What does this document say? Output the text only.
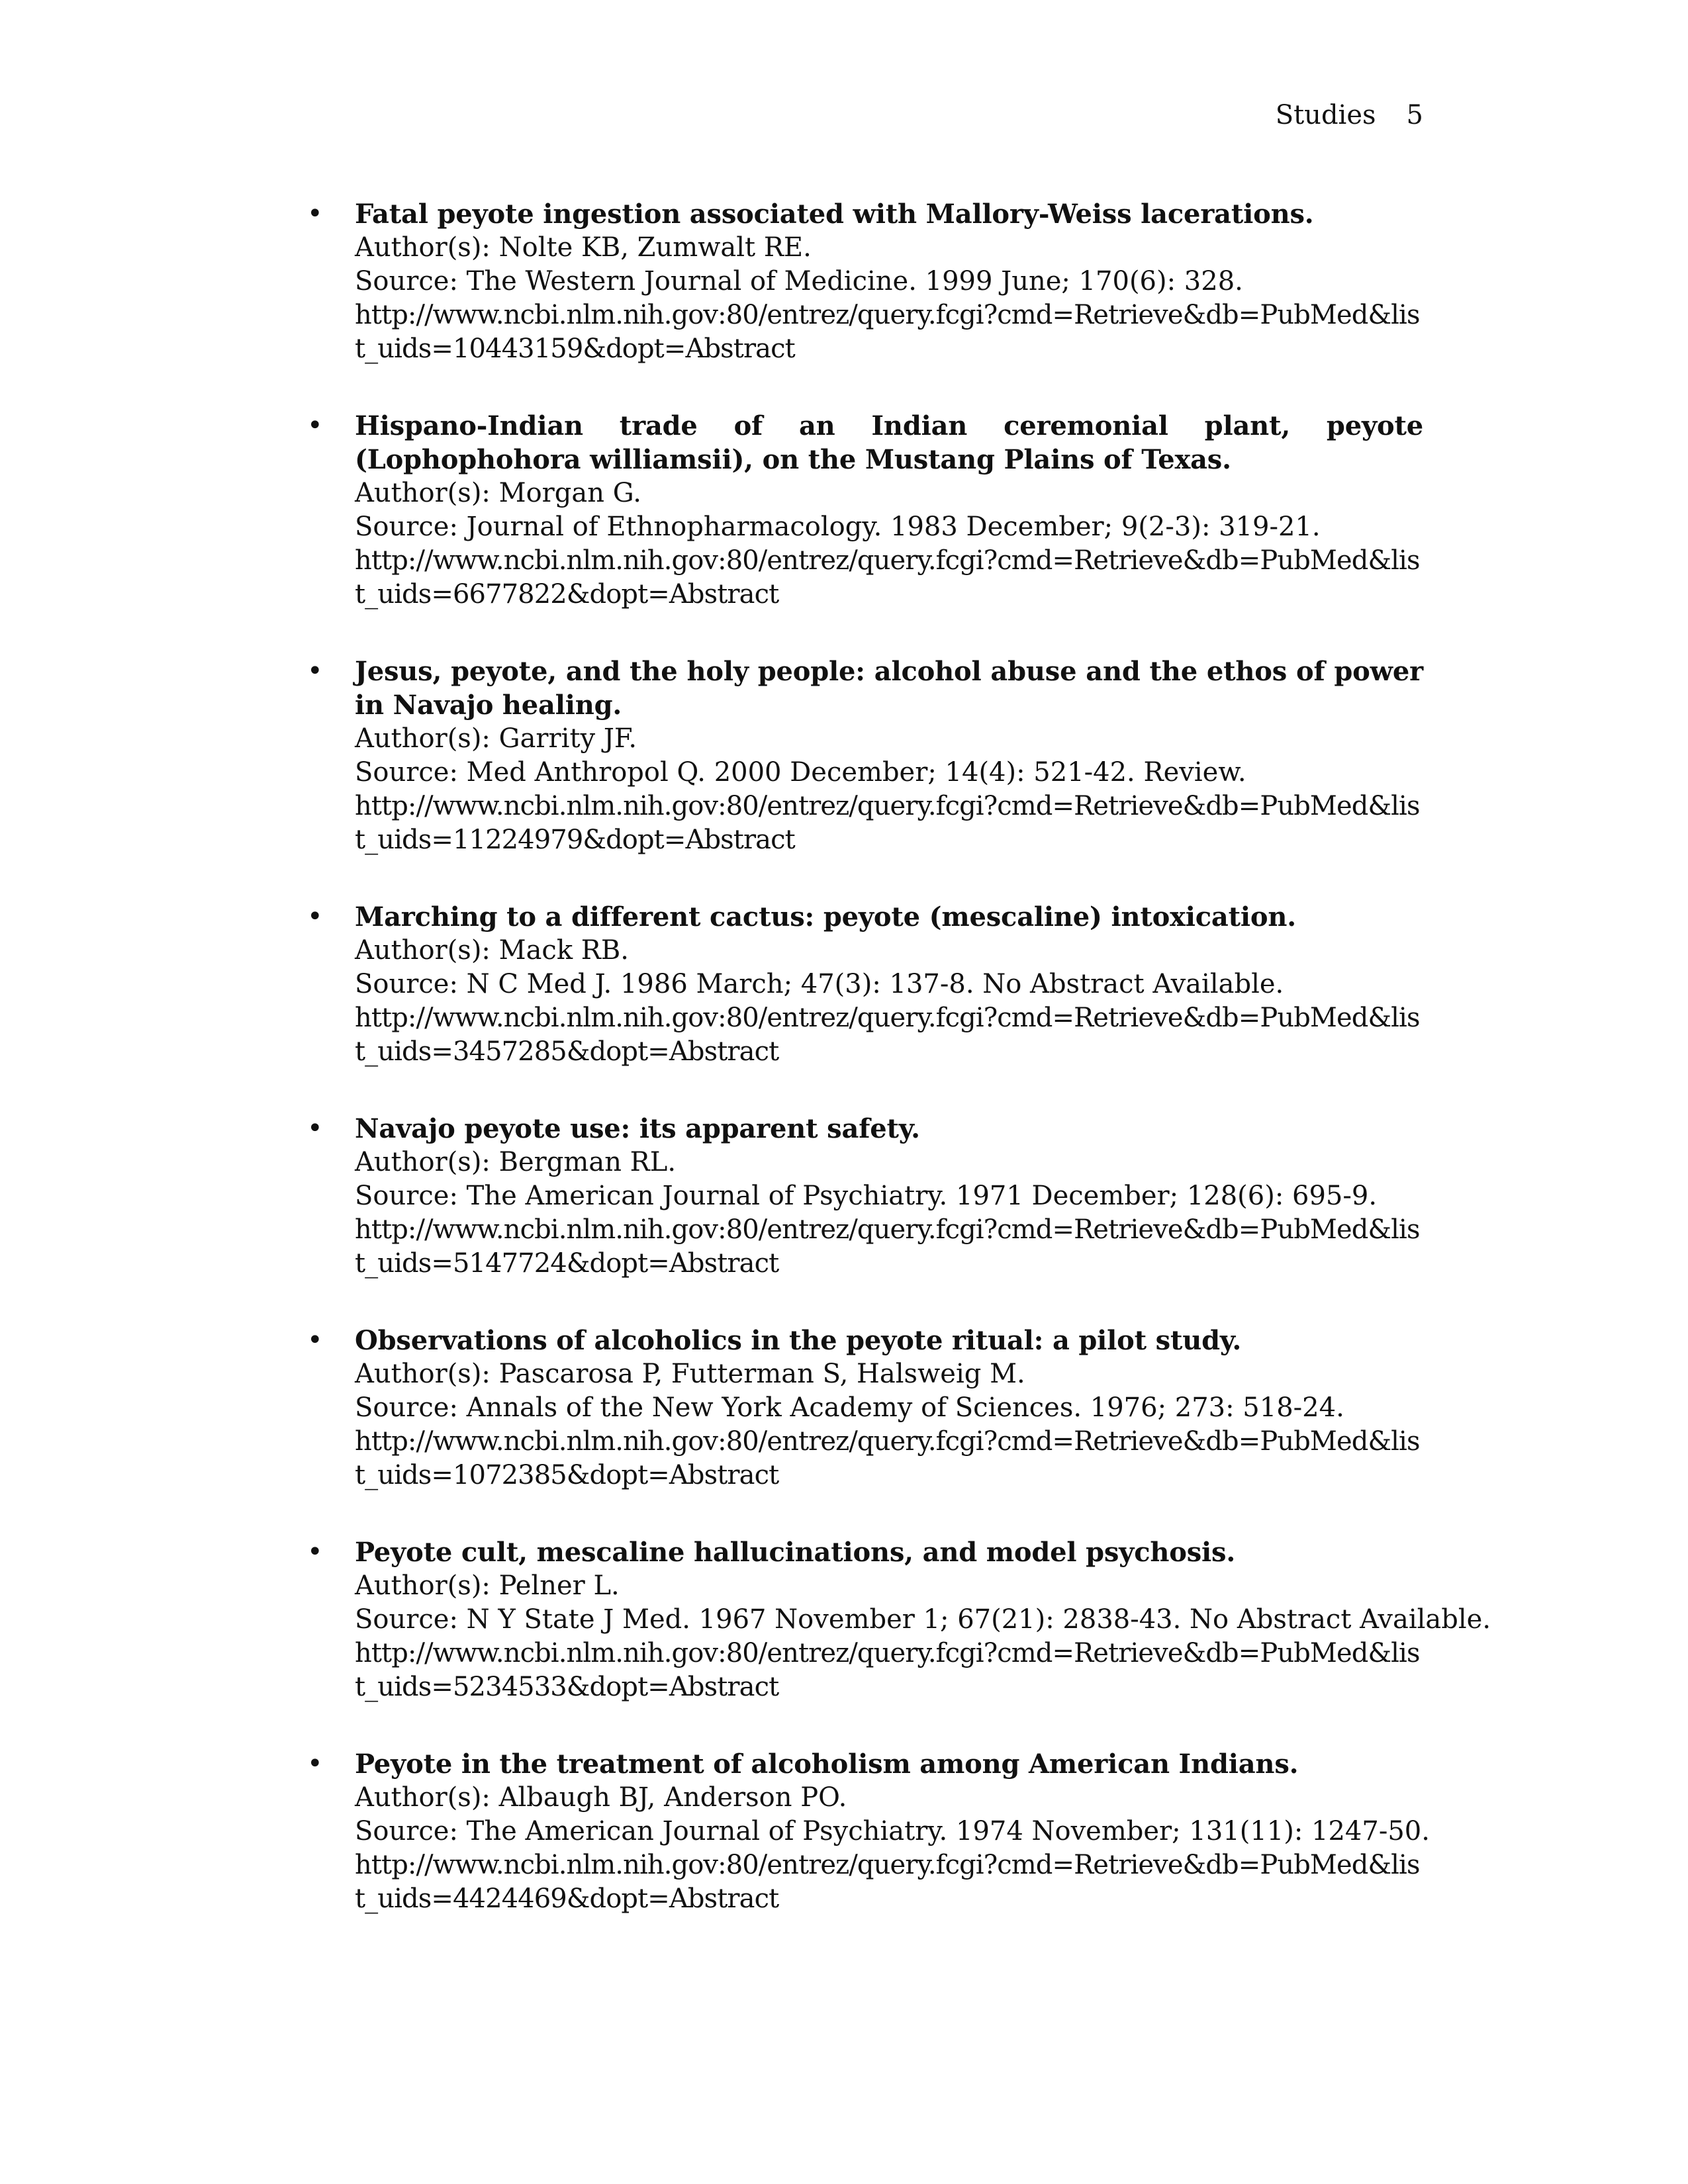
Studies 5
• Fatal peyote ingestion associated with Mallory-Weiss lacerations.
Author(s): Nolte KB, Zumwalt RE.
Source: The Western Journal of Medicine. 1999 June; 170(6): 328.
http://www.ncbi.nlm.nih.gov:80/entrez/query.fcgi?cmd=Retrieve&db=PubMed&list_uids=10443159&dopt=Abstract
• Hispano-Indian trade of an Indian ceremonial plant, peyote (Lophophohora williamsii), on the Mustang Plains of Texas.
Author(s): Morgan G.
Source: Journal of Ethnopharmacology. 1983 December; 9(2-3): 319-21.
http://www.ncbi.nlm.nih.gov:80/entrez/query.fcgi?cmd=Retrieve&db=PubMed&list_uids=6677822&dopt=Abstract
• Jesus, peyote, and the holy people: alcohol abuse and the ethos of power in Navajo healing.
Author(s): Garrity JF.
Source: Med Anthropol Q. 2000 December; 14(4): 521-42. Review.
http://www.ncbi.nlm.nih.gov:80/entrez/query.fcgi?cmd=Retrieve&db=PubMed&list_uids=11224979&dopt=Abstract
• Marching to a different cactus: peyote (mescaline) intoxication.
Author(s): Mack RB.
Source: N C Med J. 1986 March; 47(3): 137-8. No Abstract Available.
http://www.ncbi.nlm.nih.gov:80/entrez/query.fcgi?cmd=Retrieve&db=PubMed&list_uids=3457285&dopt=Abstract
• Navajo peyote use: its apparent safety.
Author(s): Bergman RL.
Source: The American Journal of Psychiatry. 1971 December; 128(6): 695-9.
http://www.ncbi.nlm.nih.gov:80/entrez/query.fcgi?cmd=Retrieve&db=PubMed&list_uids=5147724&dopt=Abstract
• Observations of alcoholics in the peyote ritual: a pilot study.
Author(s): Pascarosa P, Futterman S, Halsweig M.
Source: Annals of the New York Academy of Sciences. 1976; 273: 518-24.
http://www.ncbi.nlm.nih.gov:80/entrez/query.fcgi?cmd=Retrieve&db=PubMed&list_uids=1072385&dopt=Abstract
• Peyote cult, mescaline hallucinations, and model psychosis.
Author(s): Pelner L.
Source: N Y State J Med. 1967 November 1; 67(21): 2838-43. No Abstract Available.
http://www.ncbi.nlm.nih.gov:80/entrez/query.fcgi?cmd=Retrieve&db=PubMed&list_uids=5234533&dopt=Abstract
• Peyote in the treatment of alcoholism among American Indians.
Author(s): Albaugh BJ, Anderson PO.
Source: The American Journal of Psychiatry. 1974 November; 131(11): 1247-50.
http://www.ncbi.nlm.nih.gov:80/entrez/query.fcgi?cmd=Retrieve&db=PubMed&list_uids=4424469&dopt=Abstract
